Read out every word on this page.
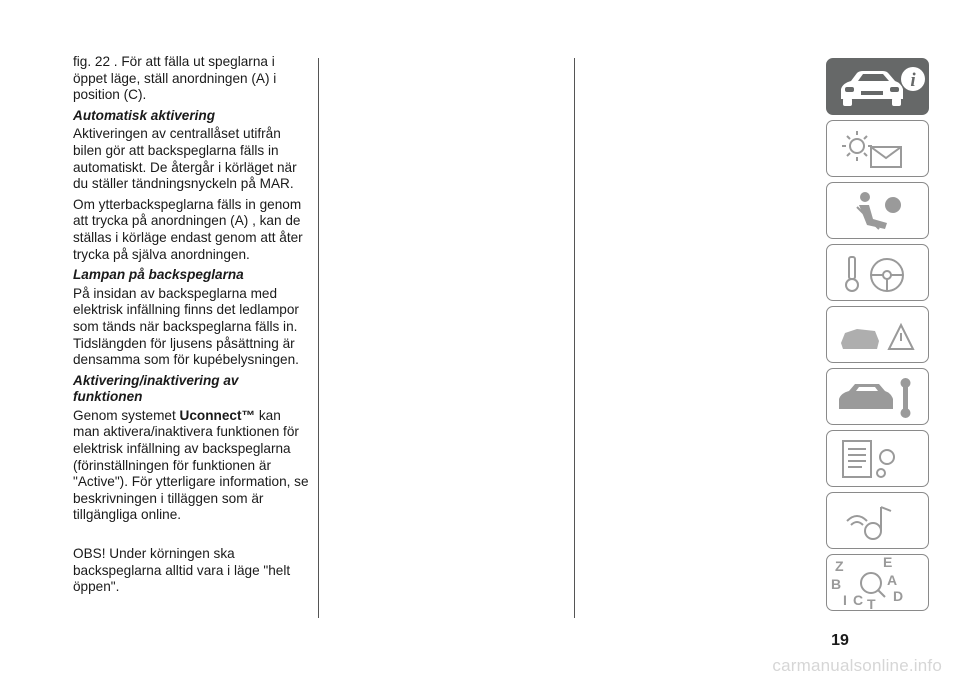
fig. 22 . För att fälla ut speglarna i öppet läge, ställ anordningen (A) i position (C).

Automatisk aktivering

Aktiveringen av centrallåset utifrån bilen gör att backspeglarna fälls in automatiskt. De återgår i körläget när du ställer tändningsnyckeln på MAR.

Om ytterbackspeglarna fälls in genom att trycka på anordningen (A) , kan de ställas i körläge endast genom att åter trycka på själva anordningen.

Lampan på backspeglarna

På insidan av backspeglarna med elektrisk infällning finns det ledlampor som tänds när backspeglarna fälls in. Tidslängden för ljusens påsättning är densamma som för kupébelysningen.

Aktivering/inaktivering av funktionen

Genom systemet Uconnect™ kan man aktivera/inaktivera funktionen för elektrisk infällning av backspeglarna (förinställningen för funktionen är "Active"). För ytterligare information, se beskrivningen i tilläggen som är tillgängliga online.

OBS! Under körningen ska backspeglarna alltid vara i läge "helt öppen".

i
Z	E
B	A
I C T D
19
carmanualsonline.info
